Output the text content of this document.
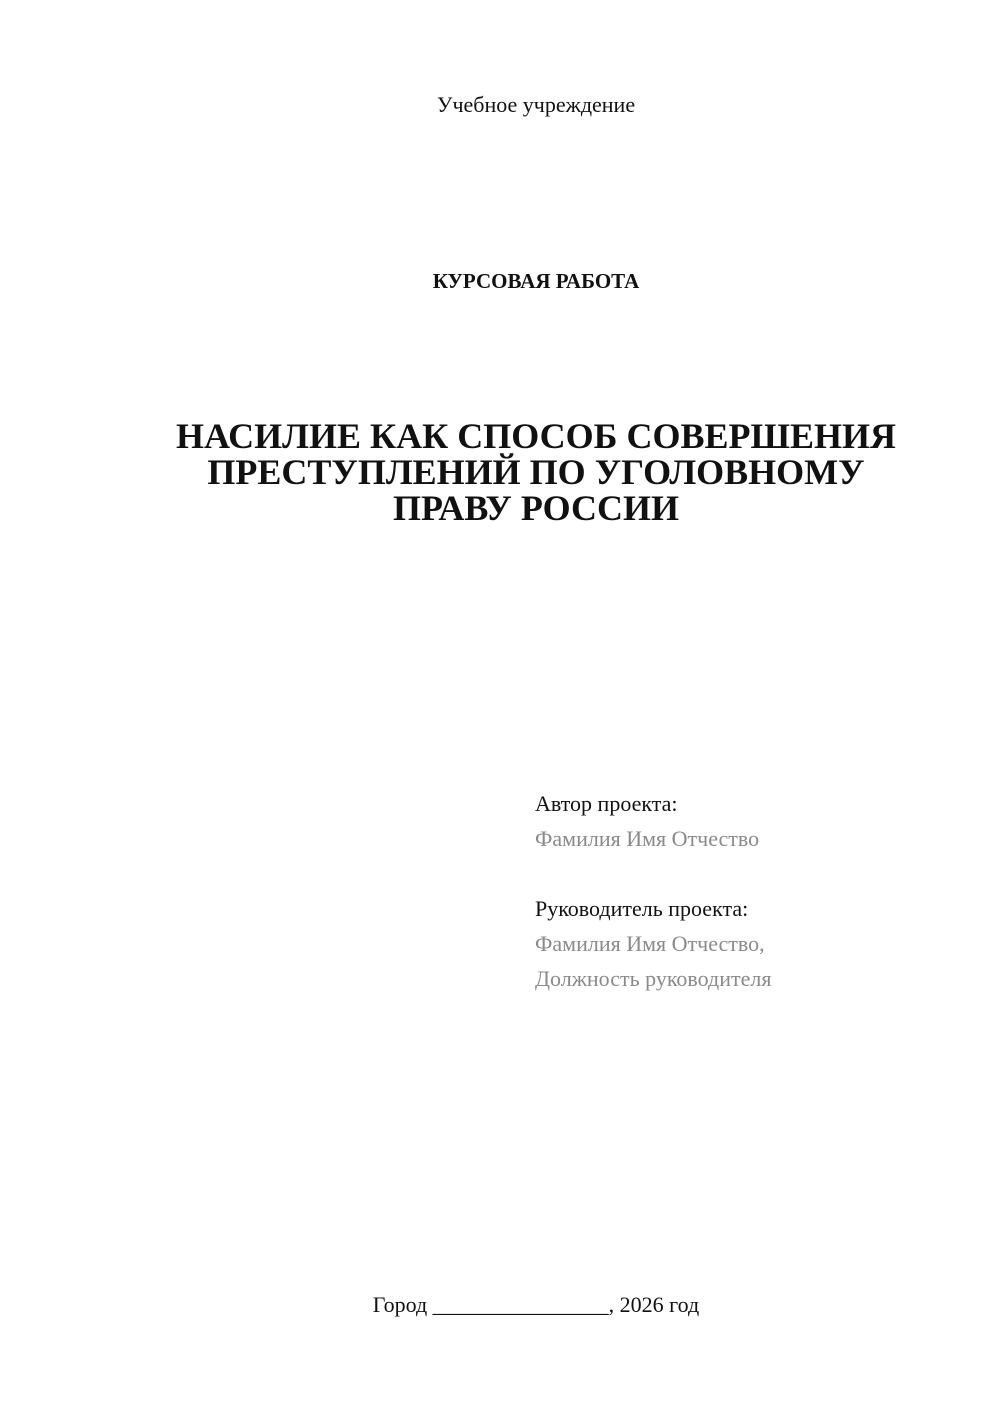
Учебное учреждение
КУРСОВАЯ РАБОТА
НАСИЛИЕ КАК СПОСОБ СОВЕРШЕНИЯ
ПРЕСТУПЛЕНИЙ ПО УГОЛОВНОМУ
ПРАВУ РОССИИ
Автор проекта:
Фамилия Имя Отчество
Руководитель проекта:
Фамилия Имя Отчество,
Должность руководителя
Город ________________, 2026 год
